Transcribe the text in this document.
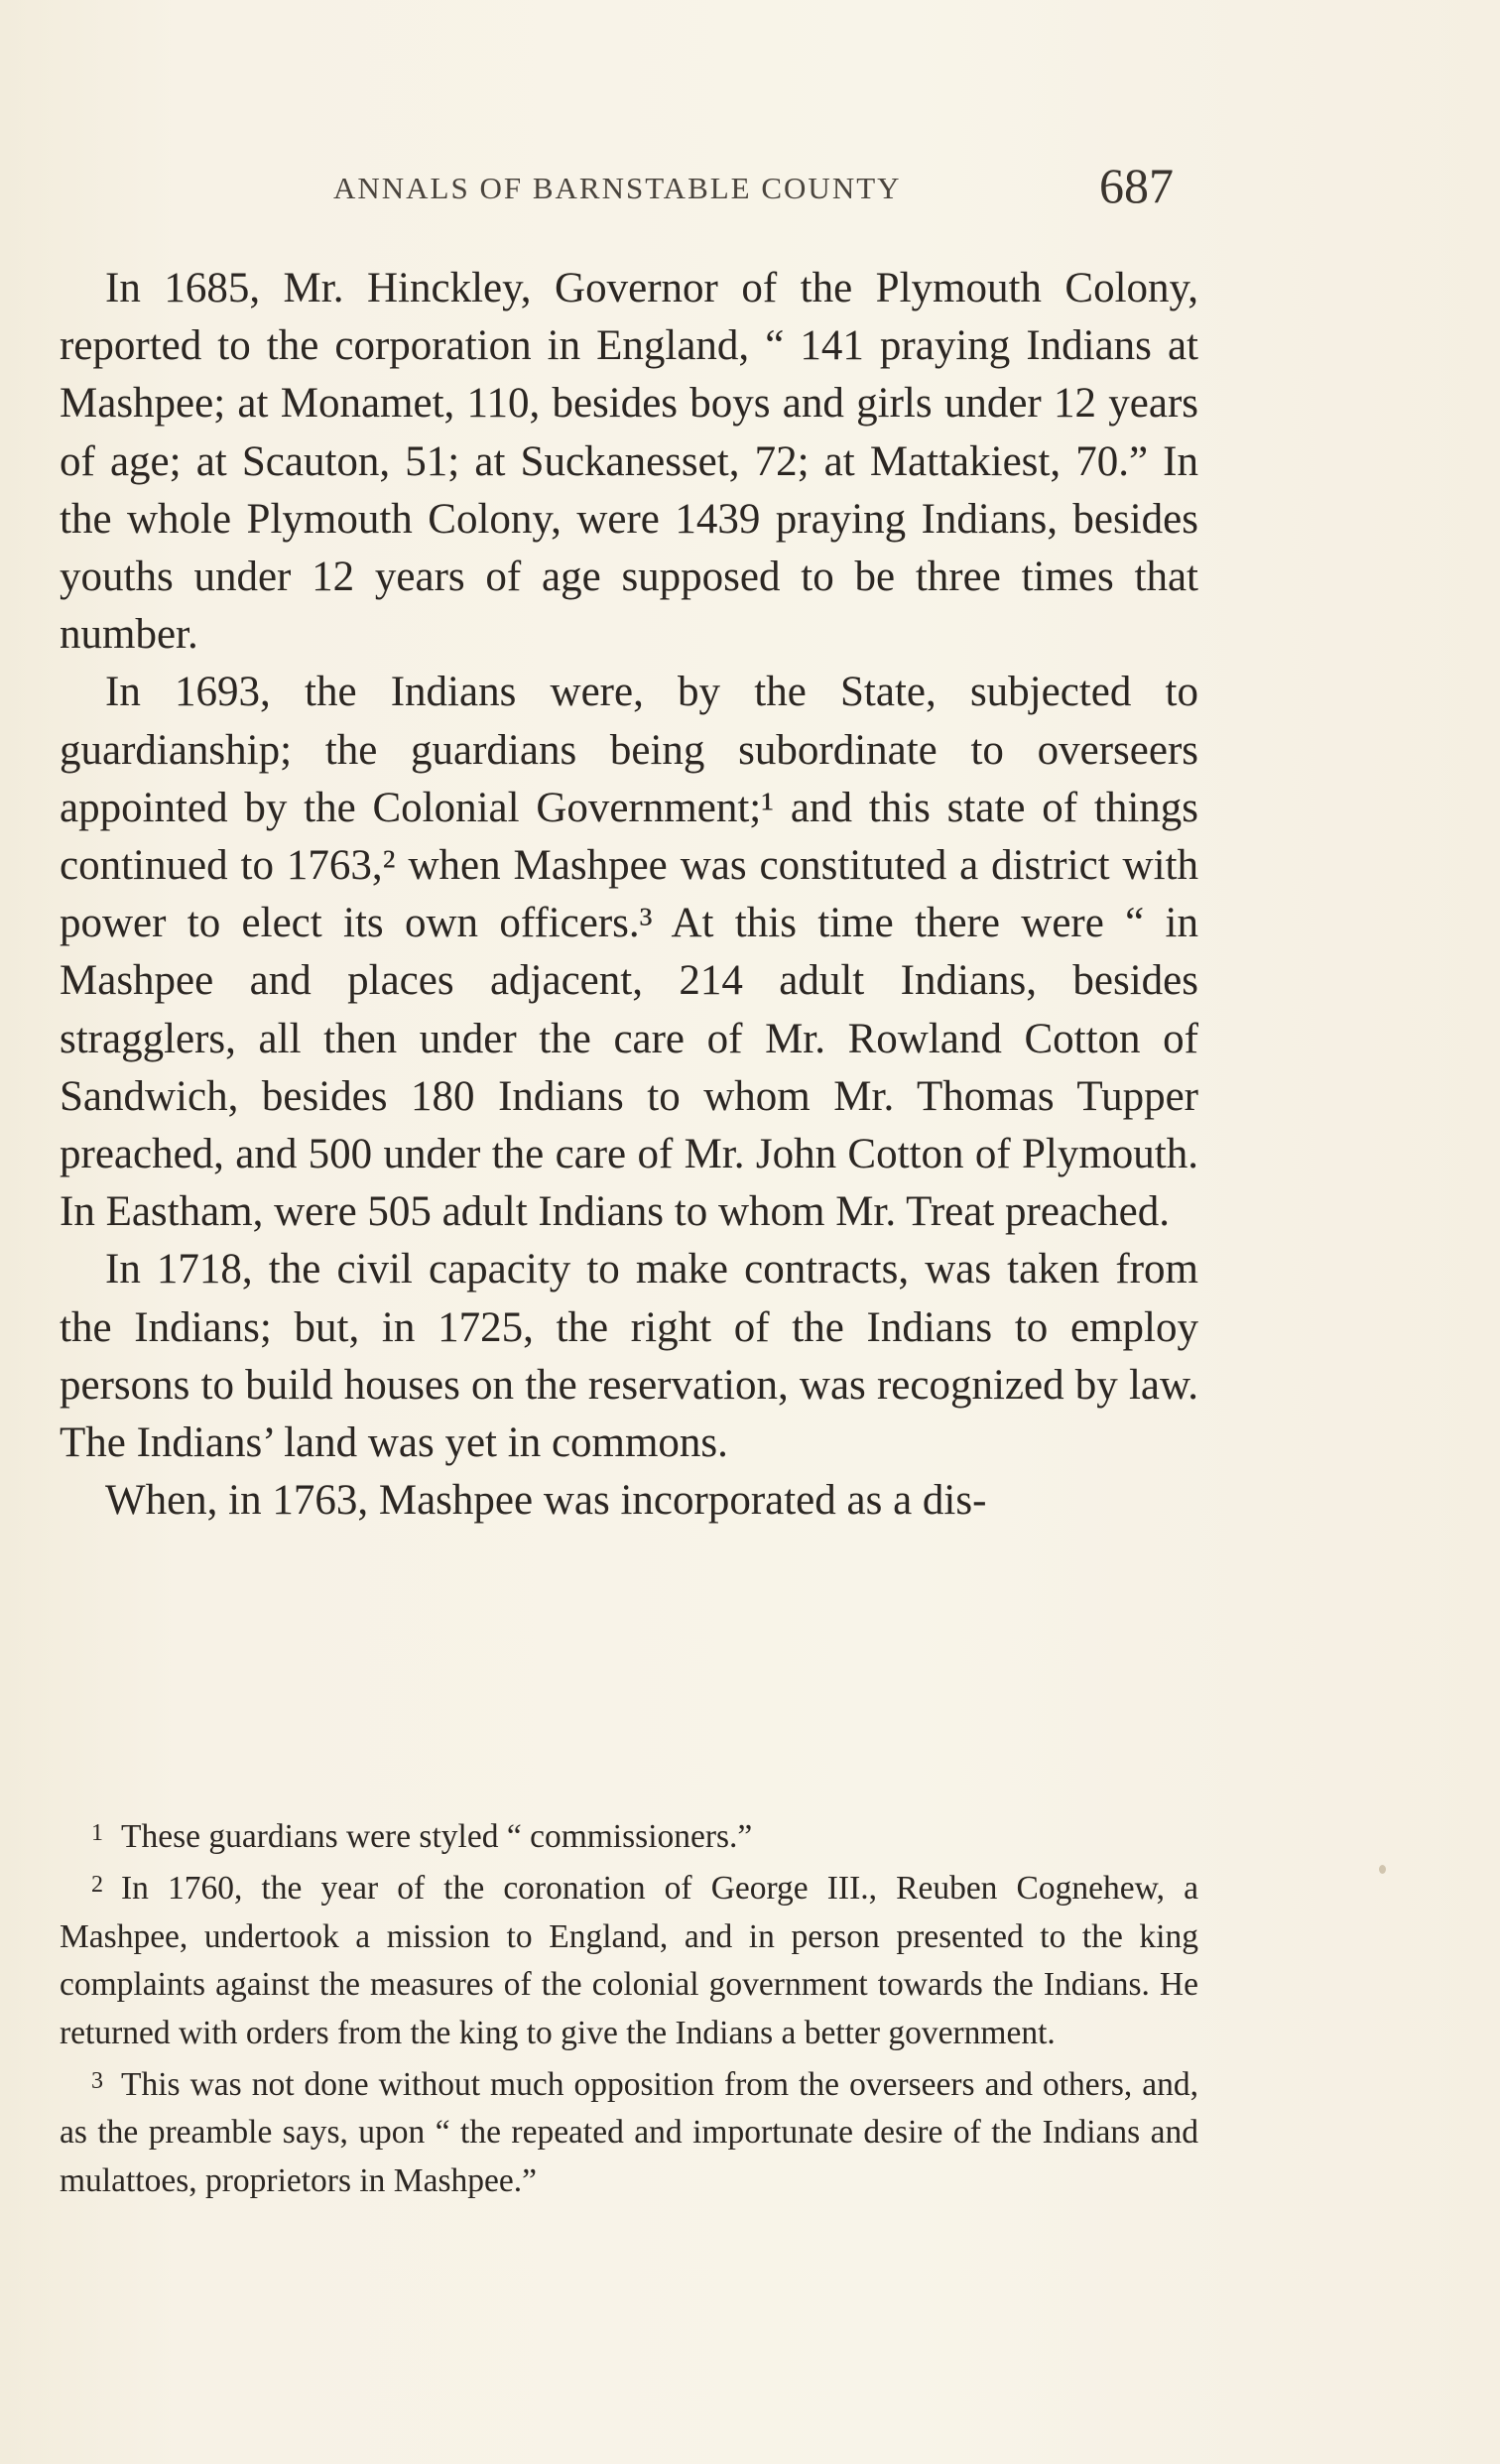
ANNALS OF BARNSTABLE COUNTY	687

In 1685, Mr. Hinckley, Governor of the Plymouth Colony, reported to the corporation in England, “ 141 praying Indians at Mashpee; at Monamet, 110, besides boys and girls under 12 years of age; at Scauton, 51; at Suckanesset, 72; at Mattakiest, 70.” In the whole Plymouth Colony, were 1439 praying Indians, besides youths under 12 years of age supposed to be three times that number.

In 1693, the Indians were, by the State, subjected to guardianship; the guardians being subordinate to overseers appointed by the Colonial Government;¹ and this state of things continued to 1763,² when Mashpee was constituted a district with power to elect its own officers.³ At this time there were “ in Mashpee and places adjacent, 214 adult Indians, besides stragglers, all then under the care of Mr. Rowland Cotton of Sandwich, besides 180 Indians to whom Mr. Thomas Tupper preached, and 500 under the care of Mr. John Cotton of Plymouth. In Eastham, were 505 adult Indians to whom Mr. Treat preached.

In 1718, the civil capacity to make contracts, was taken from the Indians; but, in 1725, the right of the Indians to employ persons to build houses on the reservation, was recognized by law. The Indians’ land was yet in commons.

When, in 1763, Mashpee was incorporated as a dis-

1 These guardians were styled “ commissioners.”

2 In 1760, the year of the coronation of George III., Reuben Cognehew, a Mashpee, undertook a mission to England, and in person presented to the king complaints against the measures of the colonial government towards the Indians. He returned with orders from the king to give the Indians a better government.

3 This was not done without much opposition from the overseers and others, and, as the preamble says, upon “ the repeated and importunate desire of the Indians and mulattoes, proprietors in Mashpee.”
